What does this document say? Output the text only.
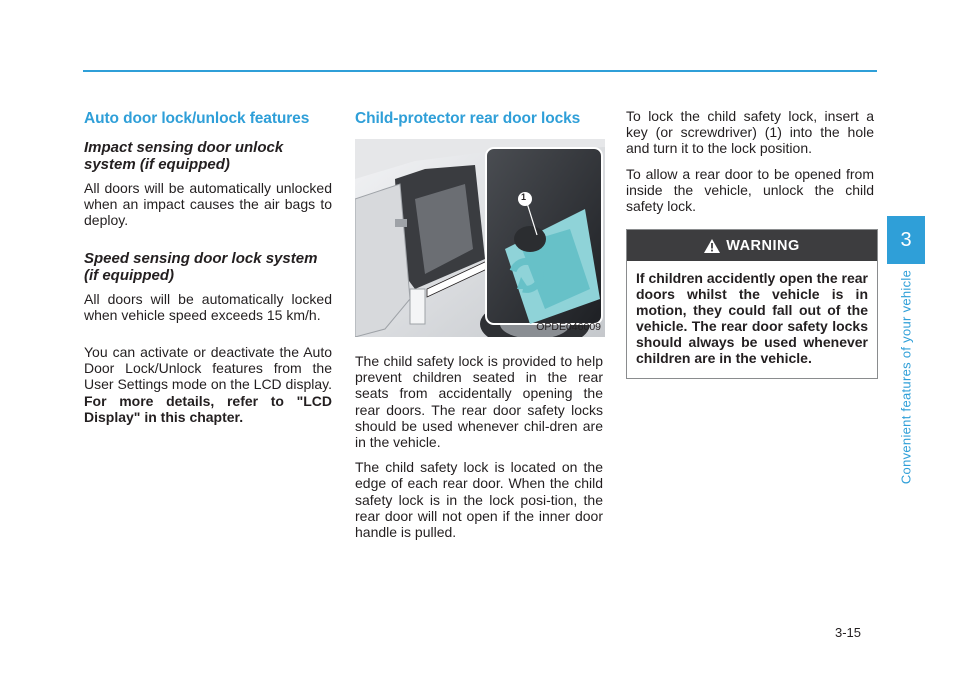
Auto door lock/unlock features
Impact sensing door unlock system (if equipped)

All doors will be automatically unlocked when an impact causes the air bags to deploy.

Speed sensing door lock system (if equipped)

All doors will be automatically locked when vehicle speed exceeds 15 km/h.

You can activate or deactivate the Auto Door Lock/Unlock features from the User Settings mode on the LCD display. For more details, refer to "LCD Display" in this chapter.

Child-protector rear door locks
OPDE046009
1

The child safety lock is provided to help prevent children seated in the rear seats from accidentally opening the rear doors. The rear door safety locks should be used whenever chil-dren are in the vehicle.

The child safety lock is located on the edge of each rear door. When the child safety lock is in the lock posi-tion, the rear door will not open if the inner door handle is pulled.

To lock the child safety lock, insert a key (or screwdriver) (1) into the hole and turn it to the lock position.

To allow a rear door to be opened from inside the vehicle, unlock the child safety lock.

WARNING

If children accidently open the rear doors whilst the vehicle is in motion, they could fall out of the vehicle. The rear door safety locks should always be used whenever children are in the vehicle.

3
Convenient features of your vehicle
3-15
